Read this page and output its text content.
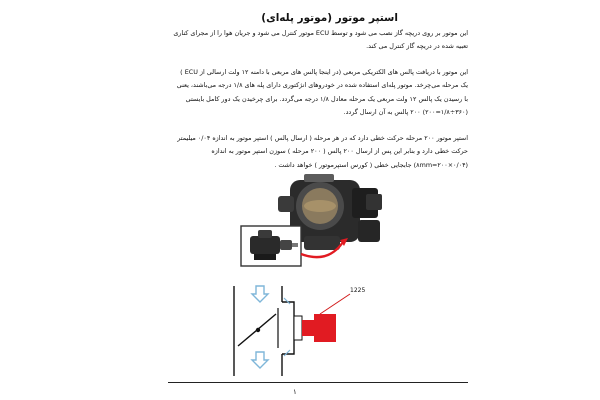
استپر موتور (موتور پله‌ای)
این موتور بر روی دریچه گاز نصب می شود و توسط ECU موتور کنترل می شود و جریان هوا را از مجرای کناری
تعبیه شده در دریچه گاز کنترل می کند.
این موتور با دریافت پالس های الکتریکی مربعی (در اینجا پالس های مربعی با دامنه ۱۲ ولت ارسالی از ECU )
یک مرحله می‌چرخد. موتور پله‌ای استفاده شده در خودروهای انژکتوری دارای پله های ۱/۸ درجه می‌باشند، یعنی
با رسیدن یک پالس ۱۲ ولت مربعی یک مرحله معادل ۱/۸ درجه می‌گردد. برای چرخیدن یک دور کامل بایستی
(۳۶۰÷۱/۸=۲۰۰) ۲۰۰ پالس به آن ارسال گردد.
استپر موتور ۲۰۰ مرحله حرکت خطی دارد که در هر مرحله ( ارسال پالس ) استپر موتور به اندازه ۰/۰۴ میلیمتر
حرکت خطی دارد و بنابر این پس از ارسال ۲۰۰ پالس ( ۲۰۰ مرحله ) سوزن استپر موتور به اندازه
(۸mm=۲۰۰×۰/۰۴) جابجایی خطی ( کورس استپرموتور ) خواهد داشت .
1225
۱
